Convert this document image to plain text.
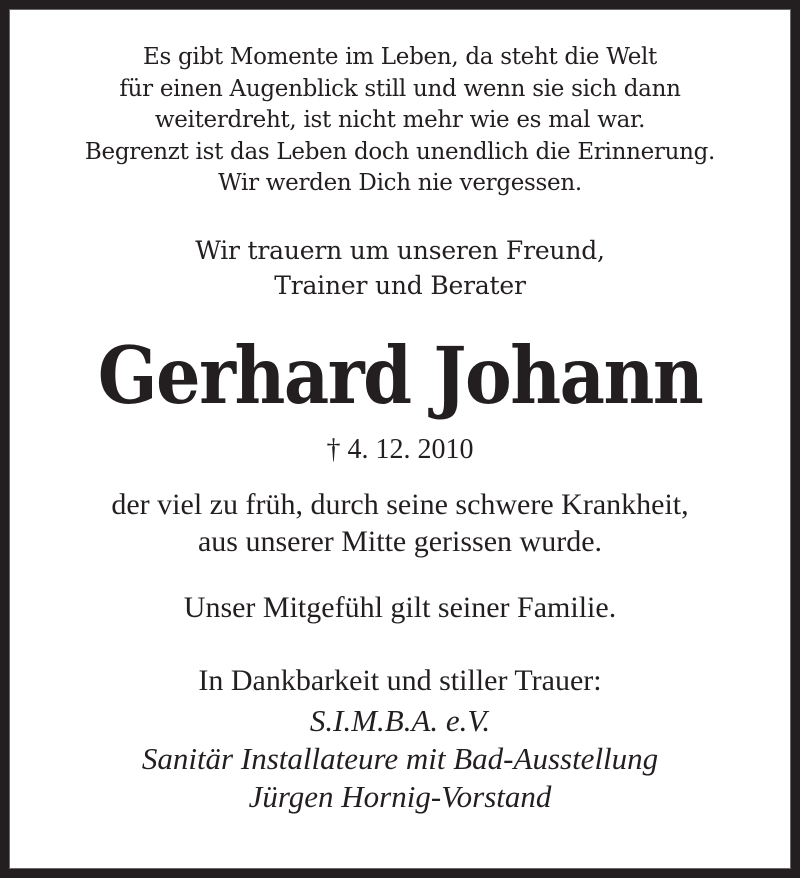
Es gibt Momente im Leben, da steht die Welt
für einen Augenblick still und wenn sie sich dann
weiterdreht, ist nicht mehr wie es mal war.
Begrenzt ist das Leben doch unendlich die Erinnerung.
Wir werden Dich nie vergessen.
Wir trauern um unseren Freund,
Trainer und Berater
Gerhard Johann
† 4. 12. 2010
der viel zu früh, durch seine schwere Krankheit,
aus unserer Mitte gerissen wurde.
Unser Mitgefühl gilt seiner Familie.
In Dankbarkeit und stiller Trauer:
S.I.M.B.A. e.V.
Sanitär Installateure mit Bad-Ausstellung
Jürgen Hornig-Vorstand
